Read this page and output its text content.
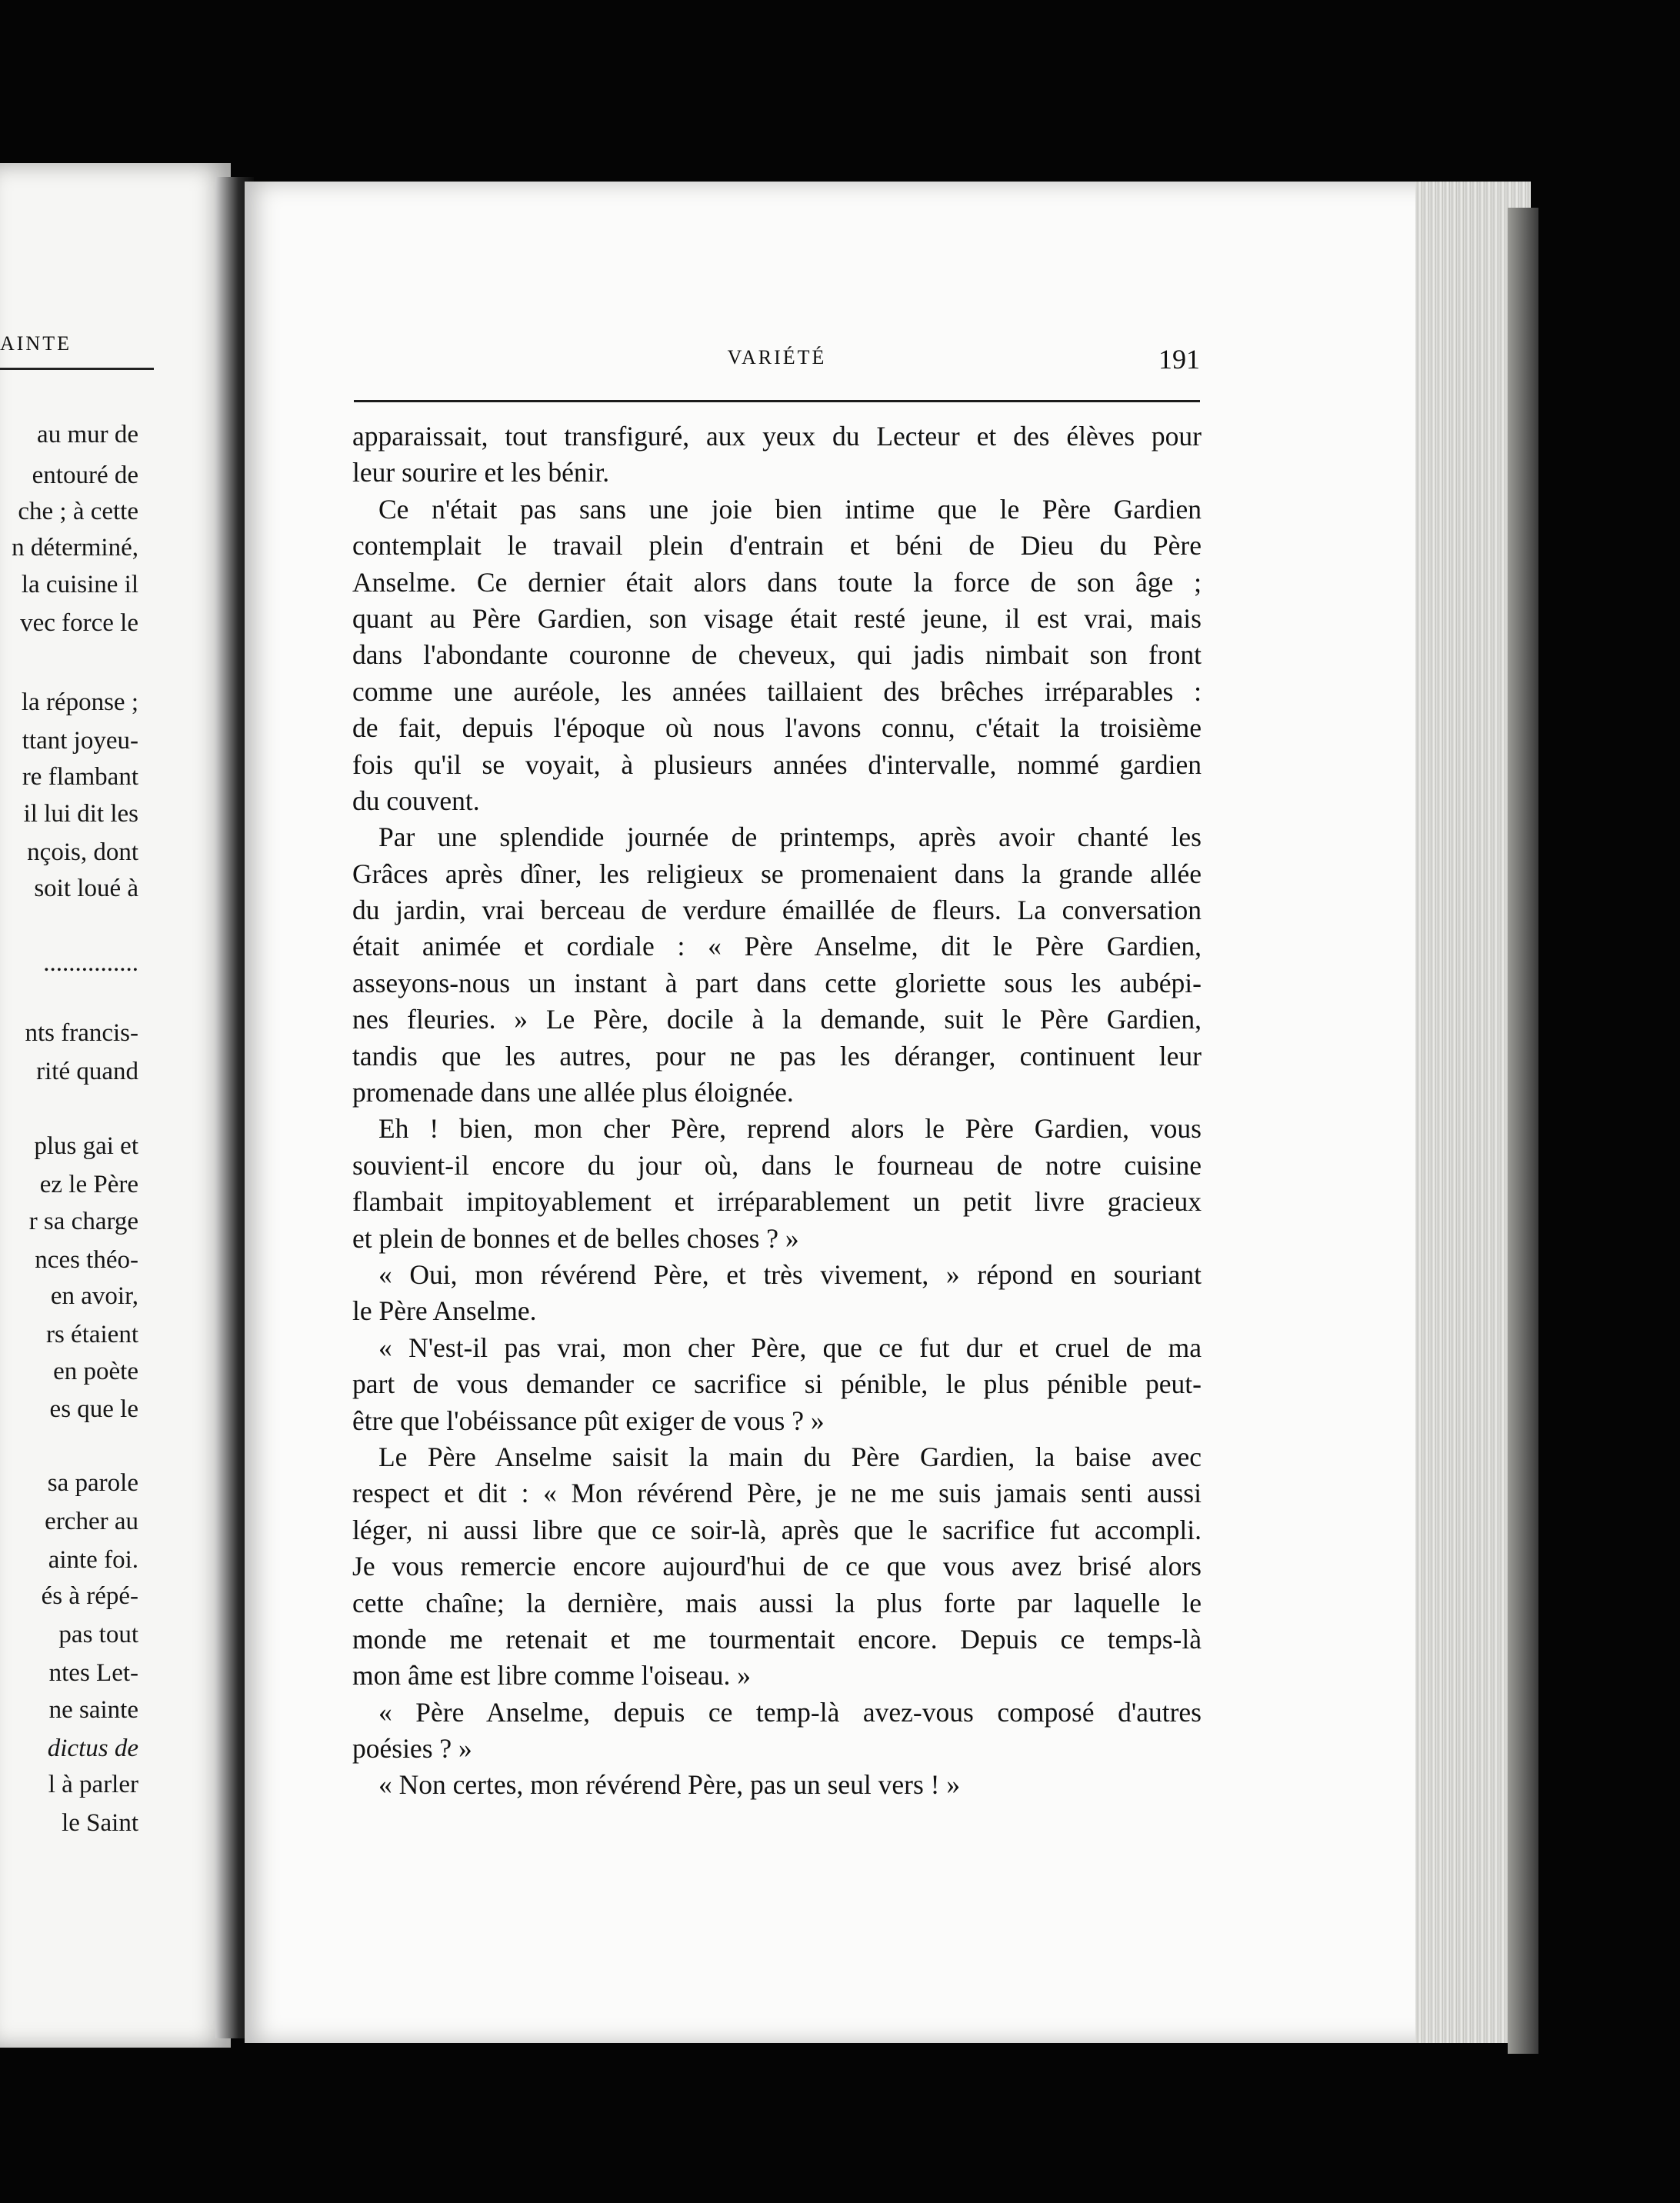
AINTE
au mur de
entouré de
che ; à cette
n déterminé,
la cuisine il
vec force le
la réponse ;
ttant joyeu-
re flambant
il lui dit les
nçois, dont
soit loué à
...............
nts francis-
rité quand
plus gai et
ez le Père
r sa charge
nces théo-
en avoir,
rs étaient
en poète
es que le
sa parole
ercher au
ainte foi.
és à répé-
pas tout
ntes Let-
ne sainte
dictus de
l à parler
le Saint
VARIÉTÉ	191
apparaissait, tout transfiguré, aux yeux du Lecteur et des élèves pour
leur sourire et les bénir.
Ce n'était pas sans une joie bien intime que le Père Gardien
contemplait le travail plein d'entrain et béni de Dieu du Père
Anselme. Ce dernier était alors dans toute la force de son âge ;
quant au Père Gardien, son visage était resté jeune, il est vrai, mais
dans l'abondante couronne de cheveux, qui jadis nimbait son front
comme une auréole, les années taillaient des brêches irréparables :
de fait, depuis l'époque où nous l'avons connu, c'était la troisième
fois qu'il se voyait, à plusieurs années d'intervalle, nommé gardien
du couvent.
Par une splendide journée de printemps, après avoir chanté les
Grâces après dîner, les religieux se promenaient dans la grande allée
du jardin, vrai berceau de verdure émaillée de fleurs. La conversation
était animée et cordiale : « Père Anselme, dit le Père Gardien,
asseyons-nous un instant à part dans cette gloriette sous les aubépi-
nes fleuries. » Le Père, docile à la demande, suit le Père Gardien,
tandis que les autres, pour ne pas les déranger, continuent leur
promenade dans une allée plus éloignée.
Eh ! bien, mon cher Père, reprend alors le Père Gardien, vous
souvient-il encore du jour où, dans le fourneau de notre cuisine
flambait impitoyablement et irréparablement un petit livre gracieux
et plein de bonnes et de belles choses ? »
« Oui, mon révérend Père, et très vivement, » répond en souriant
le Père Anselme.
« N'est-il pas vrai, mon cher Père, que ce fut dur et cruel de ma
part de vous demander ce sacrifice si pénible, le plus pénible peut-
être que l'obéissance pût exiger de vous ? »
Le Père Anselme saisit la main du Père Gardien, la baise avec
respect et dit : « Mon révérend Père, je ne me suis jamais senti aussi
léger, ni aussi libre que ce soir-là, après que le sacrifice fut accompli.
Je vous remercie encore aujourd'hui de ce que vous avez brisé alors
cette chaîne; la dernière, mais aussi la plus forte par laquelle le
monde me retenait et me tourmentait encore. Depuis ce temps-là
mon âme est libre comme l'oiseau. »
« Père Anselme, depuis ce temp-là avez-vous composé d'autres
poésies ? »
« Non certes, mon révérend Père, pas un seul vers ! »
